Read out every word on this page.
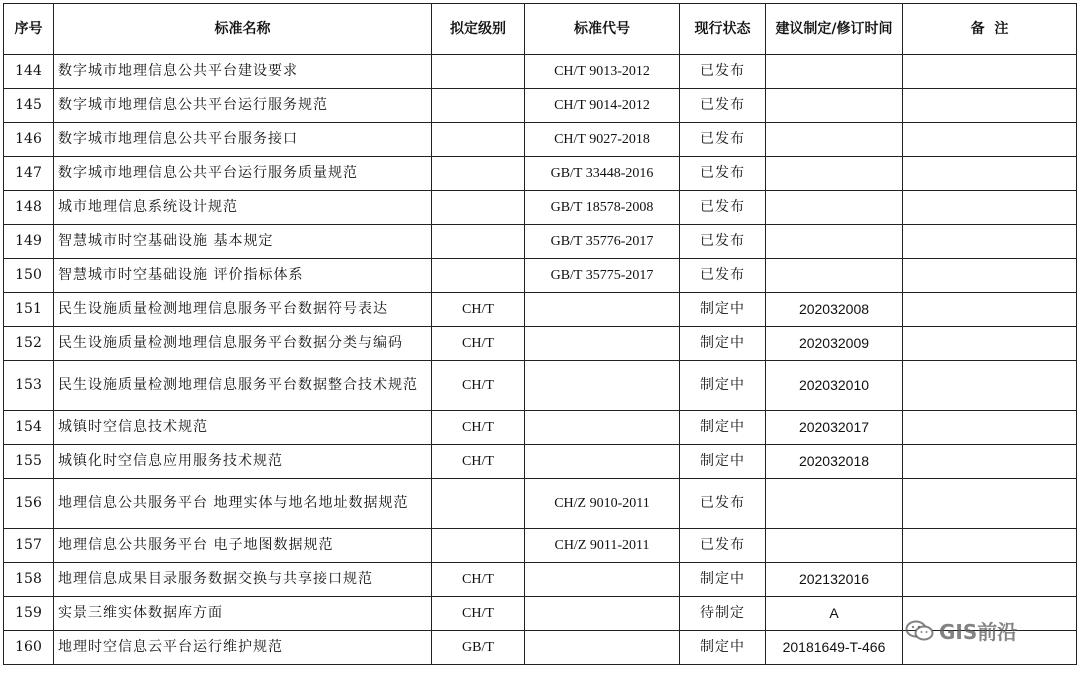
序号	标准名称	拟定级别	标准代号	现行状态	建议制定/修订时间	备  注
144	数字城市地理信息公共平台建设要求		CH/T 9013-2012	已发布		
145	数字城市地理信息公共平台运行服务规范		CH/T 9014-2012	已发布		
146	数字城市地理信息公共平台服务接口		CH/T 9027-2018	已发布		
147	数字城市地理信息公共平台运行服务质量规范		GB/T 33448-2016	已发布		
148	城市地理信息系统设计规范		GB/T 18578-2008	已发布		
149	智慧城市时空基础设施 基本规定		GB/T 35776-2017	已发布		
150	智慧城市时空基础设施 评价指标体系		GB/T 35775-2017	已发布		
151	民生设施质量检测地理信息服务平台数据符号表达	CH/T		制定中	202032008	
152	民生设施质量检测地理信息服务平台数据分类与编码	CH/T		制定中	202032009	
153	民生设施质量检测地理信息服务平台数据整合技术规范	CH/T		制定中	202032010	
154	城镇时空信息技术规范	CH/T		制定中	202032017	
155	城镇化时空信息应用服务技术规范	CH/T		制定中	202032018	
156	地理信息公共服务平台 地理实体与地名地址数据规范		CH/Z 9010-2011	已发布		
157	地理信息公共服务平台 电子地图数据规范		CH/Z 9011-2011	已发布		
158	地理信息成果目录服务数据交换与共享接口规范	CH/T		制定中	202132016	
159	实景三维实体数据库方面	CH/T		待制定	A	
160	地理时空信息云平台运行维护规范	GB/T		制定中	20181649-T-466	
GIS前沿
